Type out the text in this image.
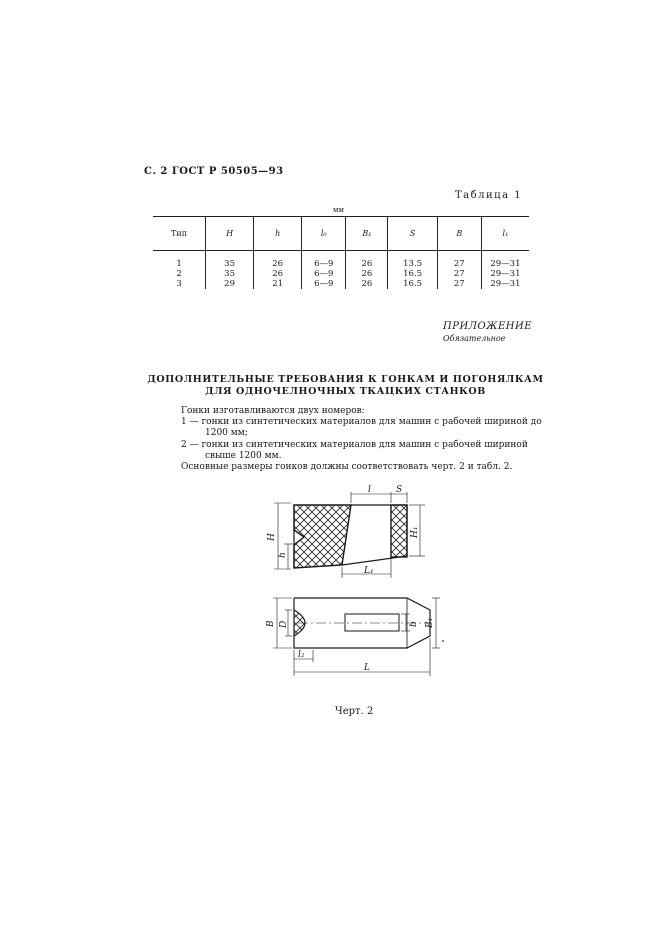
С. 2 ГОСТ Р 50505—93
Таблица 1
мм
Тип	H	h	l₀	B₁	S	B	l₁
1	35	26	6—9	26	13.5	27	29—31
2	35	26	6—9	26	16.5	27	29—31
3	29	21	6—9	26	16.5	27	29—31
ПРИЛОЖЕНИЕ
Обязательное
ДОПОЛНИТЕЛЬНЫЕ ТРЕБОВАНИЯ К ГОНКАМ И ПОГОНЯЛКАМ
ДЛЯ ОДНОЧЕЛНОЧНЫХ ТКАЦКИХ СТАНКОВ
Гонки изготавливаются двух номеров:
1 — гонки из синтетических материалов для машин с рабочей шириной до
1200 мм;
2 — гонки из синтетических материалов для машин с рабочей шириной
свыше 1200 мм.
Основные размеры гонков должны соответствовать черт. 2 и табл. 2.
l	S
H
h
H₁
L₁
B D	b B₁
l₂
L
Черт. 2
